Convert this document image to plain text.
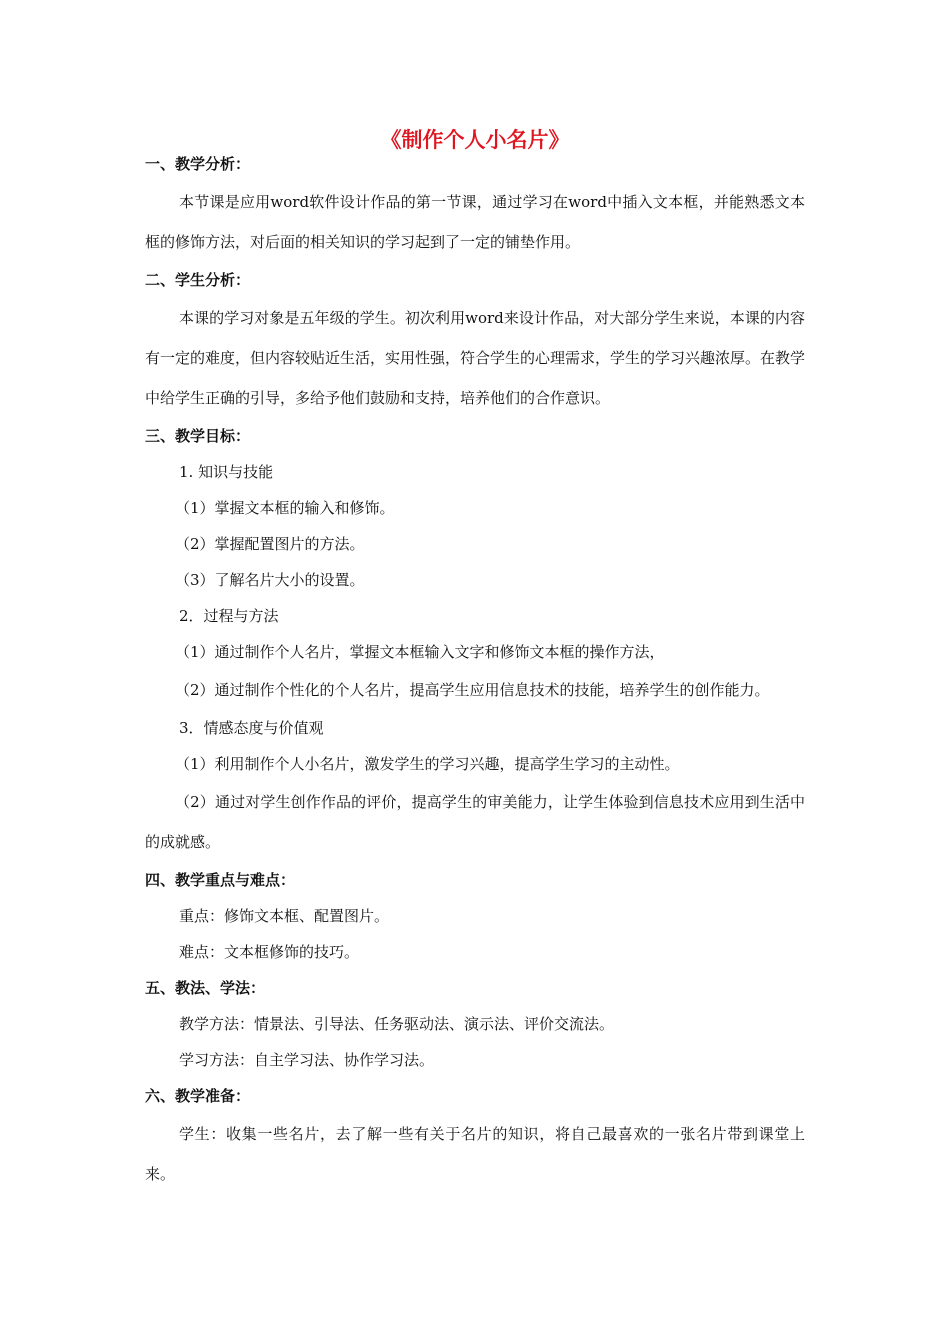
《制作个人小名片》

一、教学分析：

本节课是应用word软件设计作品的第一节课，通过学习在word中插入文本框，并能熟悉文本框的修饰方法，对后面的相关知识的学习起到了一定的铺垫作用。

二、学生分析：

本课的学习对象是五年级的学生。初次利用word来设计作品，对大部分学生来说，本课的内容有一定的难度，但内容较贴近生活，实用性强，符合学生的心理需求，学生的学习兴趣浓厚。在教学中给学生正确的引导，多给予他们鼓励和支持，培养他们的合作意识。

三、教学目标：

1. 知识与技能

（1）掌握文本框的输入和修饰。

（2）掌握配置图片的方法。

（3）了解名片大小的设置。

2．过程与方法

（1）通过制作个人名片，掌握文本框输入文字和修饰文本框的操作方法，

（2）通过制作个性化的个人名片，提高学生应用信息技术的技能，培养学生的创作能力。

3．情感态度与价值观

（1）利用制作个人小名片，激发学生的学习兴趣，提高学生学习的主动性。

（2）通过对学生创作作品的评价，提高学生的审美能力，让学生体验到信息技术应用到生活中的成就感。

四、教学重点与难点：

重点：修饰文本框、配置图片。

难点：文本框修饰的技巧。

五、教法、学法：

教学方法：情景法、引导法、任务驱动法、演示法、评价交流法。

学习方法：自主学习法、协作学习法。

六、教学准备：

学生：收集一些名片，去了解一些有关于名片的知识，将自己最喜欢的一张名片带到课堂上来。
